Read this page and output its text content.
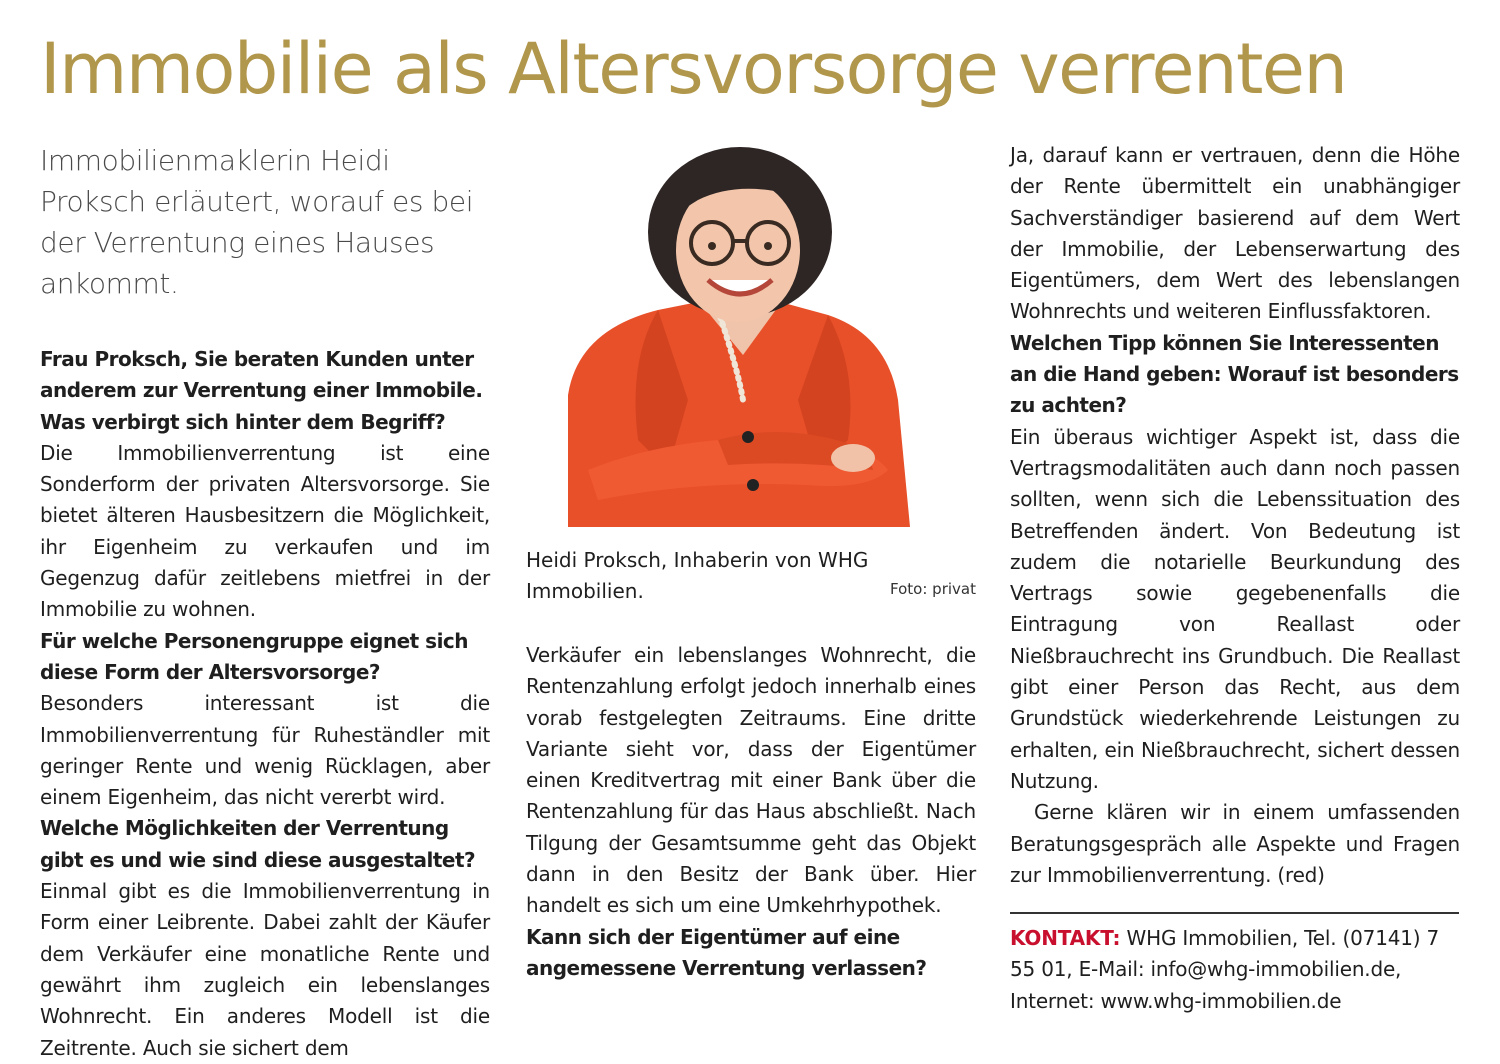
Immobilie als Altersvorsorge verrenten

Immobilienmaklerin Heidi Proksch erläutert, worauf es bei der Verrentung eines Hauses ankommt.

Frau Proksch, Sie beraten Kunden unter anderem zur Verrentung einer Immobile. Was verbirgt sich hinter dem Begriff?

Die Immobilienverrentung ist eine Sonderform der privaten Altersvorsorge. Sie bietet älteren Hausbesitzern die Möglichkeit, ihr Eigenheim zu verkaufen und im Gegenzug dafür zeitlebens mietfrei in der Immobilie zu wohnen.

Für welche Personengruppe eignet sich diese Form der Altersvorsorge?

Besonders interessant ist die Immobilienverrentung für Ruheständler mit geringer Rente und wenig Rücklagen, aber einem Eigenheim, das nicht vererbt wird.

Welche Möglichkeiten der Verrentung gibt es und wie sind diese ausgestaltet?

Einmal gibt es die Immobilienverrentung in Form einer Leibrente. Dabei zahlt der Käufer dem Verkäufer eine monatliche Rente und gewährt ihm zugleich ein lebenslanges Wohnrecht. Ein anderes Modell ist die Zeitrente. Auch sie sichert dem

Heidi Proksch, Inhaberin von WHG Immobilien.	Foto: privat

Verkäufer ein lebenslanges Wohnrecht, die Rentenzahlung erfolgt jedoch innerhalb eines vorab festgelegten Zeitraums. Eine dritte Variante sieht vor, dass der Eigentümer einen Kreditvertrag mit einer Bank über die Rentenzahlung für das Haus abschließt. Nach Tilgung der Gesamtsumme geht das Objekt dann in den Besitz der Bank über. Hier handelt es sich um eine Umkehrhypothek.

Kann sich der Eigentümer auf eine angemessene Verrentung verlassen?

Ja, darauf kann er vertrauen, denn die Höhe der Rente übermittelt ein unabhängiger Sachverständiger basierend auf dem Wert der Immobilie, der Lebenserwartung des Eigentümers, dem Wert des lebenslangen Wohnrechts und weiteren Einflussfaktoren.

Welchen Tipp können Sie Interessenten an die Hand geben: Worauf ist besonders zu achten?

Ein überaus wichtiger Aspekt ist, dass die Vertragsmodalitäten auch dann noch passen sollten, wenn sich die Lebenssituation des Betreffenden ändert. Von Bedeutung ist zudem die notarielle Beurkundung des Vertrags sowie gegebenenfalls die Eintragung von Reallast oder Nießbrauchrecht ins Grundbuch. Die Reallast gibt einer Person das Recht, aus dem Grundstück wiederkehrende Leistungen zu erhalten, ein Nießbrauchrecht, sichert dessen Nutzung.

Gerne klären wir in einem umfassenden Beratungsgespräch alle Aspekte und Fragen zur Immobilienverrentung. (red)

KONTAKT: WHG Immobilien, Tel. (07141) 7 55 01, E-Mail: info@whg-immobilien.de, Internet: www.whg-immobilien.de
